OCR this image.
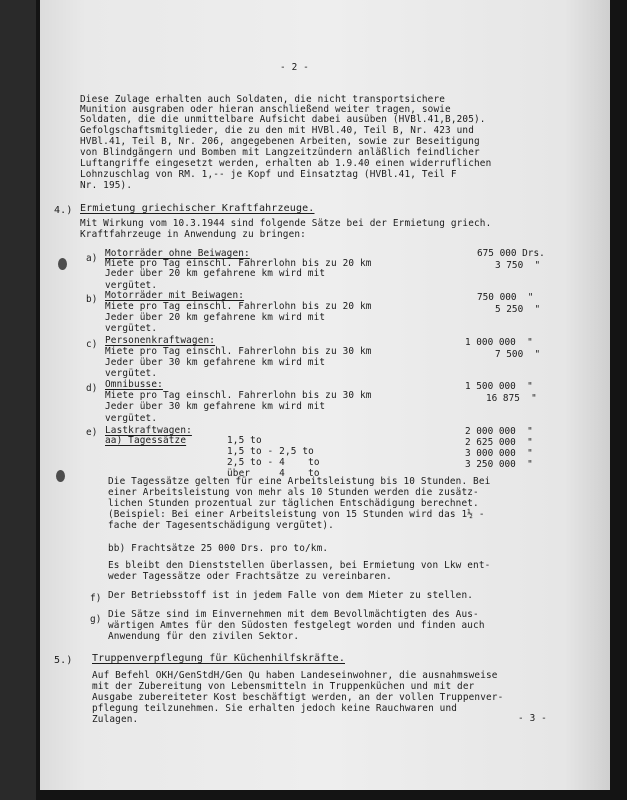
- 2 -
Diese Zulage erhalten auch Soldaten, die nicht transportsichere
Munition ausgraben oder hieran anschließend weiter tragen, sowie
Soldaten, die die unmittelbare Aufsicht dabei ausüben (HVBl.41,B,205).
Gefolgschaftsmitglieder, die zu den mit HVBl.40, Teil B, Nr. 423 und
HVBl.41, Teil B, Nr. 206, angegebenen Arbeiten, sowie zur Beseitigung
von Blindgängern und Bomben mit Langzeitzündern anläßlich feindlicher
Luftangriffe eingesetzt werden, erhalten ab 1.9.40 einen widerruflichen
Lohnzuschlag von RM. 1,-- je Kopf und Einsatztag (HVBl.41, Teil F
Nr. 195).
4.) Ermietung griechischer Kraftfahrzeuge.
Mit Wirkung vom 10.3.1944 sind folgende Sätze bei der Ermietung griech.
Kraftfahrzeuge in Anwendung zu bringen:
a) Motorräder ohne Beiwagen:
Miete pro Tag einschl. Fahrerlohn bis zu 20 km
Jeder über 20 km gefahrene km wird mit
vergütet.
675 000 Drs.
3 750  "
b) Motorräder mit Beiwagen:
Miete pro Tag einschl. Fahrerlohn bis zu 20 km
Jeder über 20 km gefahrene km wird mit
vergütet.
750 000  "
5 250  "
c) Personenkraftwagen:
Miete pro Tag einschl. Fahrerlohn bis zu 30 km
Jeder über 30 km gefahrene km wird mit
vergütet.
1 000 000  "
7 500  "
d) Omnibusse:
Miete pro Tag einschl. Fahrerlohn bis zu 30 km
Jeder über 30 km gefahrene km wird mit
vergütet.
1 500 000  "
16 875  "
e) Lastkraftwagen:
aa) Tagessätze	1,5 to
1,5 to - 2,5 to
2,5 to - 4    to
über     4    to
2 000 000  "
2 625 000  "
3 000 000  "
3 250 000  "
Die Tagessätze gelten für eine Arbeitsleistung bis 10 Stunden. Bei
einer Arbeitsleistung von mehr als 10 Stunden werden die zusätz-
lichen Stunden prozentual zur täglichen Entschädigung berechnet.
(Beispiel: Bei einer Arbeitsleistung von 15 Stunden wird das 1½ -
fache der Tagesentschädigung vergütet).
bb) Frachtsätze 25 000 Drs. pro to/km.
Es bleibt den Dienststellen überlassen, bei Ermietung von Lkw ent-
weder Tagessätze oder Frachtsätze zu vereinbaren.
f) Der Betriebsstoff ist in jedem Falle von dem Mieter zu stellen.
g) Die Sätze sind im Einvernehmen mit dem Bevollmächtigten des Aus-
wärtigen Amtes für den Südosten festgelegt worden und finden auch
Anwendung für den zivilen Sektor.
5.) Truppenverpflegung für Küchenhilfskräfte.
Auf Befehl OKH/GenStdH/Gen Qu haben Landeseinwohner, die ausnahmsweise
mit der Zubereitung von Lebensmitteln in Truppenküchen und mit der
Ausgabe zubereiteter Kost beschäftigt werden, an der vollen Truppenver-
pflegung teilzunehmen. Sie erhalten jedoch keine Rauchwaren und
Zulagen.	- 3 -
